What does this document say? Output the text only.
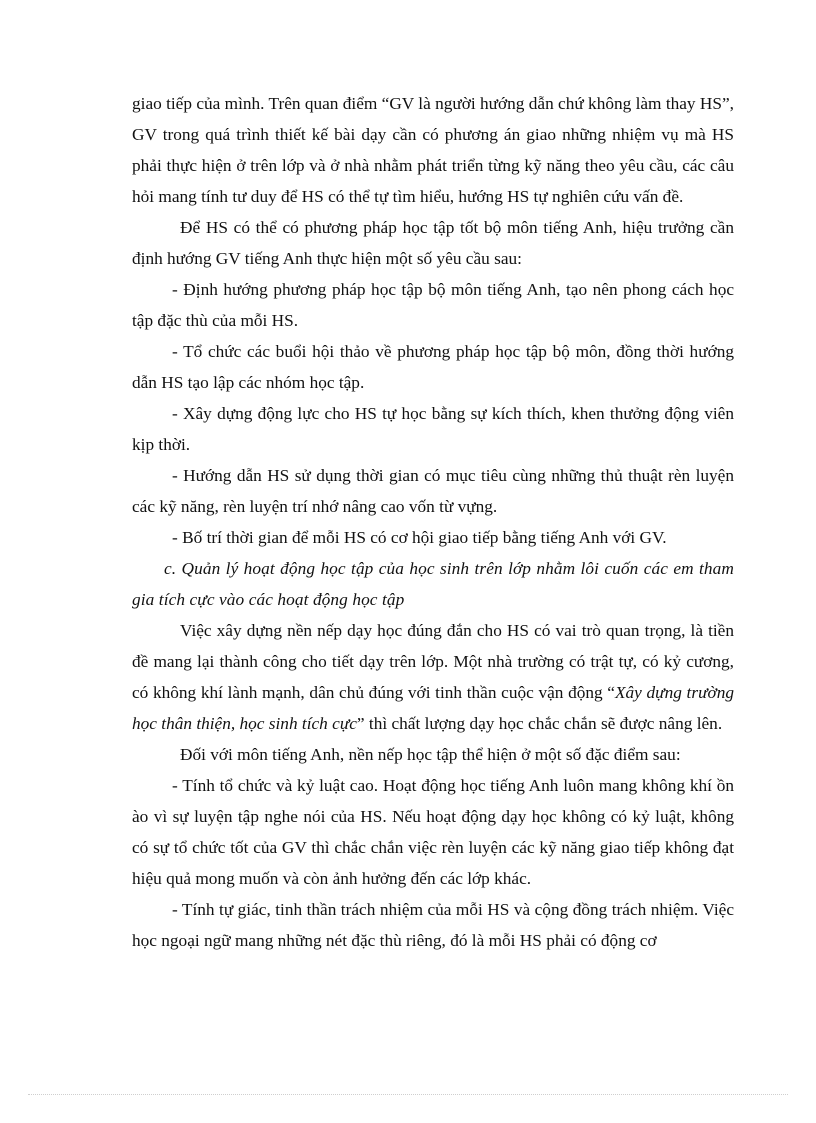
giao tiếp của mình. Trên quan điểm “GV là người hướng dẫn chứ không làm thay HS”, GV trong quá trình thiết kế bài dạy cần có phương án giao những nhiệm vụ mà HS phải thực hiện ở trên lớp và ở nhà nhằm phát triển từng kỹ năng theo yêu cầu, các câu hỏi mang tính tư duy để HS có thể tự tìm hiểu, hướng HS tự nghiên cứu vấn đề.

Để HS có thể có phương pháp học tập tốt bộ môn tiếng Anh, hiệu trưởng cần định hướng GV tiếng Anh thực hiện một số yêu cầu sau:

- Định hướng phương pháp học tập bộ môn tiếng Anh, tạo nên phong cách học tập đặc thù của mỗi HS.

- Tổ chức các buổi hội thảo về phương pháp học tập bộ môn, đồng thời hướng dẫn HS tạo lập các nhóm học tập.

- Xây dựng động lực cho HS tự học bằng sự kích thích, khen thưởng động viên kịp thời.

- Hướng dẫn HS sử dụng thời gian có mục tiêu cùng những thủ thuật rèn luyện các kỹ năng, rèn luyện trí nhớ nâng cao vốn từ vựng.

- Bố trí thời gian để mỗi HS có cơ hội giao tiếp bằng tiếng Anh với GV.

c. Quản lý hoạt động học tập của học sinh trên lớp nhằm lôi cuốn các em tham gia tích cực vào các hoạt động học tập

Việc xây dựng nền nếp dạy học đúng đắn cho HS có vai trò quan trọng, là tiền đề mang lại thành công cho tiết dạy trên lớp. Một nhà trường có trật tự, có kỷ cương, có không khí lành mạnh, dân chủ đúng với tinh thần cuộc vận động “Xây dựng trường học thân thiện, học sinh tích cực” thì chất lượng dạy học chắc chắn sẽ được nâng lên.

Đối với môn tiếng Anh, nền nếp học tập thể hiện ở một số đặc điểm sau:

- Tính tổ chức và kỷ luật cao. Hoạt động học tiếng Anh luôn mang không khí ồn ào vì sự luyện tập nghe nói của HS. Nếu hoạt động dạy học không có kỷ luật, không có sự tổ chức tốt của GV thì chắc chắn việc rèn luyện các kỹ năng giao tiếp không đạt hiệu quả mong muốn và còn ảnh hưởng đến các lớp khác.

- Tính tự giác, tinh thần trách nhiệm của mỗi HS và cộng đồng trách nhiệm. Việc học ngoại ngữ mang những nét đặc thù riêng, đó là mỗi HS phải có động cơ
